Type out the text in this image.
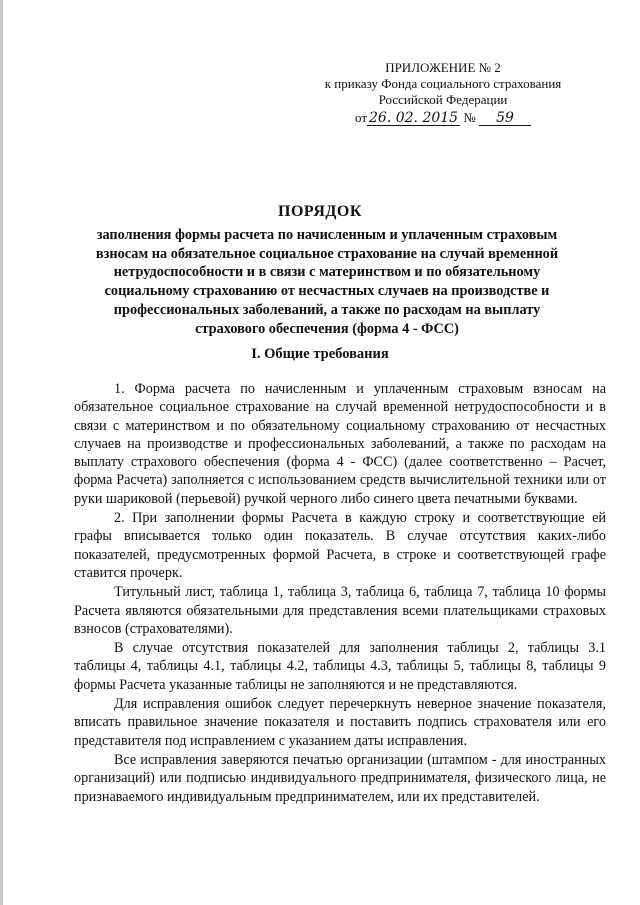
ПРИЛОЖЕНИЕ № 2
к приказу Фонда социального страхования
Российской Федерации
от 26. 02. 2015 № 59
ПОРЯДОК
заполнения формы расчета по начисленным и уплаченным страховым взносам на обязательное социальное страхование на случай временной нетрудоспособности и в связи с материнством и по обязательному социальному страхованию от несчастных случаев на производстве и профессиональных заболеваний, а также по расходам на выплату страхового обеспечения (форма 4 - ФСС)
I. Общие требования

1. Форма расчета по начисленным и уплаченным страховым взносам на обязательное социальное страхование на случай временной нетрудоспособности и в связи с материнством и по обязательному социальному страхованию от несчастных случаев на производстве и профессиональных заболеваний, а также по расходам на выплату страхового обеспечения (форма 4 - ФСС) (далее соответственно – Расчет, форма Расчета) заполняется с использованием средств вычислительной техники или от руки шариковой (перьевой) ручкой черного либо синего цвета печатными буквами.

2. При заполнении формы Расчета в каждую строку и соответствующие ей графы вписывается только один показатель. В случае отсутствия каких-либо показателей, предусмотренных формой Расчета, в строке и соответствующей графе ставится прочерк.

Титульный лист, таблица 1, таблица 3, таблица 6, таблица 7, таблица 10 формы Расчета являются обязательными для представления всеми плательщиками страховых взносов (страхователями).

В случае отсутствия показателей для заполнения таблицы 2, таблицы 3.1 таблицы 4, таблицы 4.1, таблицы 4.2, таблицы 4.3, таблицы 5, таблицы 8, таблицы 9 формы Расчета указанные таблицы не заполняются и не представляются.

Для исправления ошибок следует перечеркнуть неверное значение показателя, вписать правильное значение показателя и поставить подпись страхователя или его представителя под исправлением с указанием даты исправления.

Все исправления заверяются печатью организации (штампом - для иностранных организаций) или подписью индивидуального предпринимателя, физического лица, не признаваемого индивидуальным предпринимателем, или их представителей.
